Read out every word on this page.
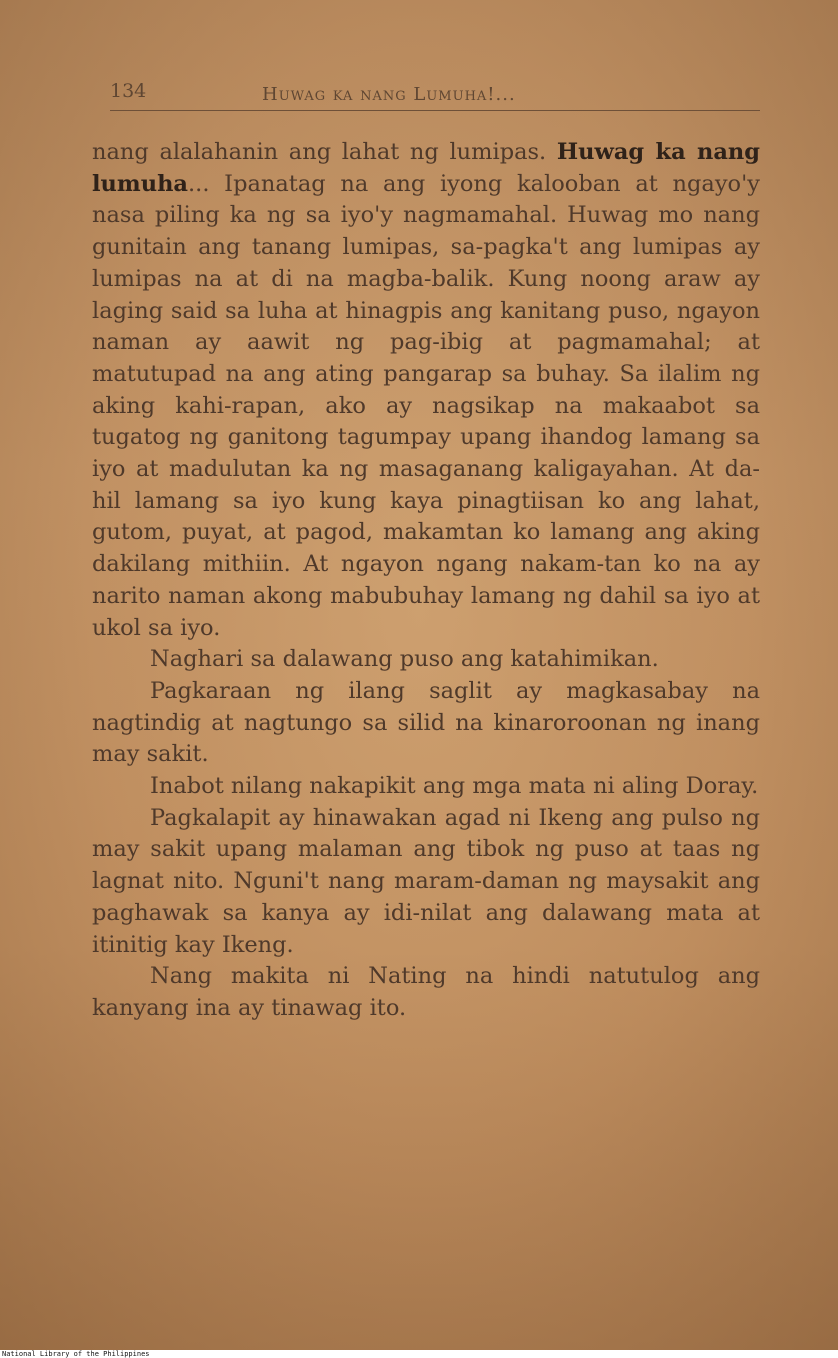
134	Huwag ka nang Lumuha!...

nang alalahanin ang lahat ng lumipas. Huwag ka nang lumuha... Ipanatag na ang iyong kalooban at ngayo'y nasa piling ka ng sa iyo'y nagmamahal. Huwag mo nang gunitain ang tanang lumipas, sa-pagka't ang lumipas ay lumipas na at di na magba-balik. Kung noong araw ay laging said sa luha at hinagpis ang kanitang puso, ngayon naman ay aawit ng pag-ibig at pagmamahal; at matutupad na ang ating pangarap sa buhay. Sa ilalim ng aking kahi-rapan, ako ay nagsikap na makaabot sa tugatog ng ganitong tagumpay upang ihandog lamang sa iyo at madulutan ka ng masaganang kaligayahan. At da-hil lamang sa iyo kung kaya pinagtiisan ko ang lahat, gutom, puyat, at pagod, makamtan ko lamang ang aking dakilang mithiin. At ngayon ngang nakam-tan ko na ay narito naman akong mabubuhay lamang ng dahil sa iyo at ukol sa iyo.

Naghari sa dalawang puso ang katahimikan.

Pagkaraan ng ilang saglit ay magkasabay na nagtindig at nagtungo sa silid na kinaroroonan ng inang may sakit.

Inabot nilang nakapikit ang mga mata ni aling Doray.

Pagkalapit ay hinawakan agad ni Ikeng ang pulso ng may sakit upang malaman ang tibok ng puso at taas ng lagnat nito. Nguni't nang maram-daman ng maysakit ang paghawak sa kanya ay idi-nilat ang dalawang mata at itinitig kay Ikeng.

Nang makita ni Nating na hindi natutulog ang kanyang ina ay tinawag ito.

National Library of the Philippines
